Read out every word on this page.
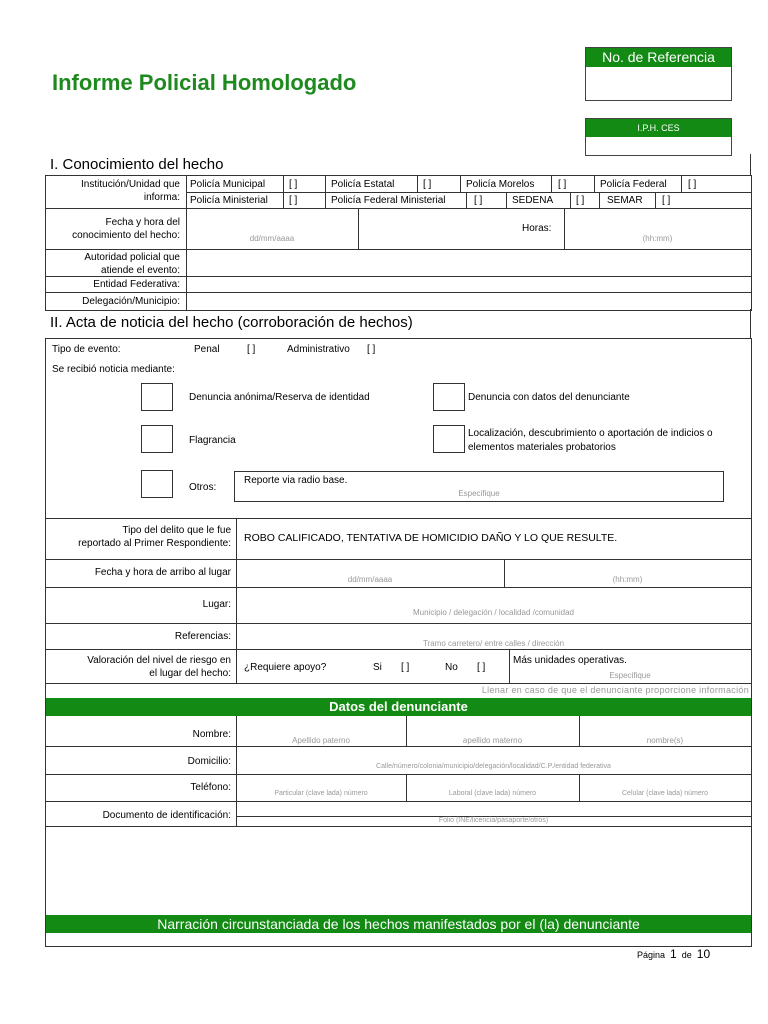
Informe Policial Homologado
No. de Referencia
I.P.H. CES
I. Conocimiento del hecho
Institución/Unidad que
informa:
Policía Municipal [ ]	Policía Estatal	[ ]	Policía Morelos [ ]	Policía Federal [ ]
Policía Ministerial [ ]	Policía Federal Ministerial	[ ]	SEDENA [ ] SEMAR [ ]
Fecha y hora del
conocimiento del hecho:	dd/mm/aaaa
Horas:
(hh:mm)
Autoridad policial que
atiende el evento:
Entidad Federativa:
Delegación/Municipio:
II. Acta de noticia del hecho (corroboración de hechos)
Tipo de evento:	Penal	[ ]	Administrativo [ ]
Se recibió noticia mediante:
Denuncia anónima/Reserva de identidad	Denuncia con datos del denunciante
Flagrancia
Localización, descubrimiento o aportación de indicios o
elementos materiales probatorios
Otros:
Reporte via radio base.
Especifique
Tipo del delito que le fue
reportado al Primer Respondiente: ROBO CALIFICADO, TENTATIVA DE HOMICIDIO DAÑO Y LO QUE RESULTE.
Fecha y hora de arribo al lugar
dd/mm/aaaa	(hh:mm)
Lugar:
Municipio / delegación / localidad /comunidad
Referencias:
Tramo carretero/ entre calles / dirección
Valoración del nivel de riesgo en
el lugar del hecho:
¿Requiere apoyo?	Si [ ]	No [ ]
Más unidades operativas.
Especifique
Llenar en caso de que el denunciante proporcione información
Datos del denunciante
Nombre:
Apellido paterno	apellido materno	nombre(s)
Domicilio:	Calle/número/colonia/municipio/delegación/localidad/C.P./entidad federativa
Teléfono:
Particular (clave lada) número	Laboral (clave lada) número	Celular (clave lada) número
Documento de identificación:	Folio (INE/licencia/pasaporte/otros)
Narración circunstanciada de los hechos manifestados por el (la) denunciante
Página 1 de 10
